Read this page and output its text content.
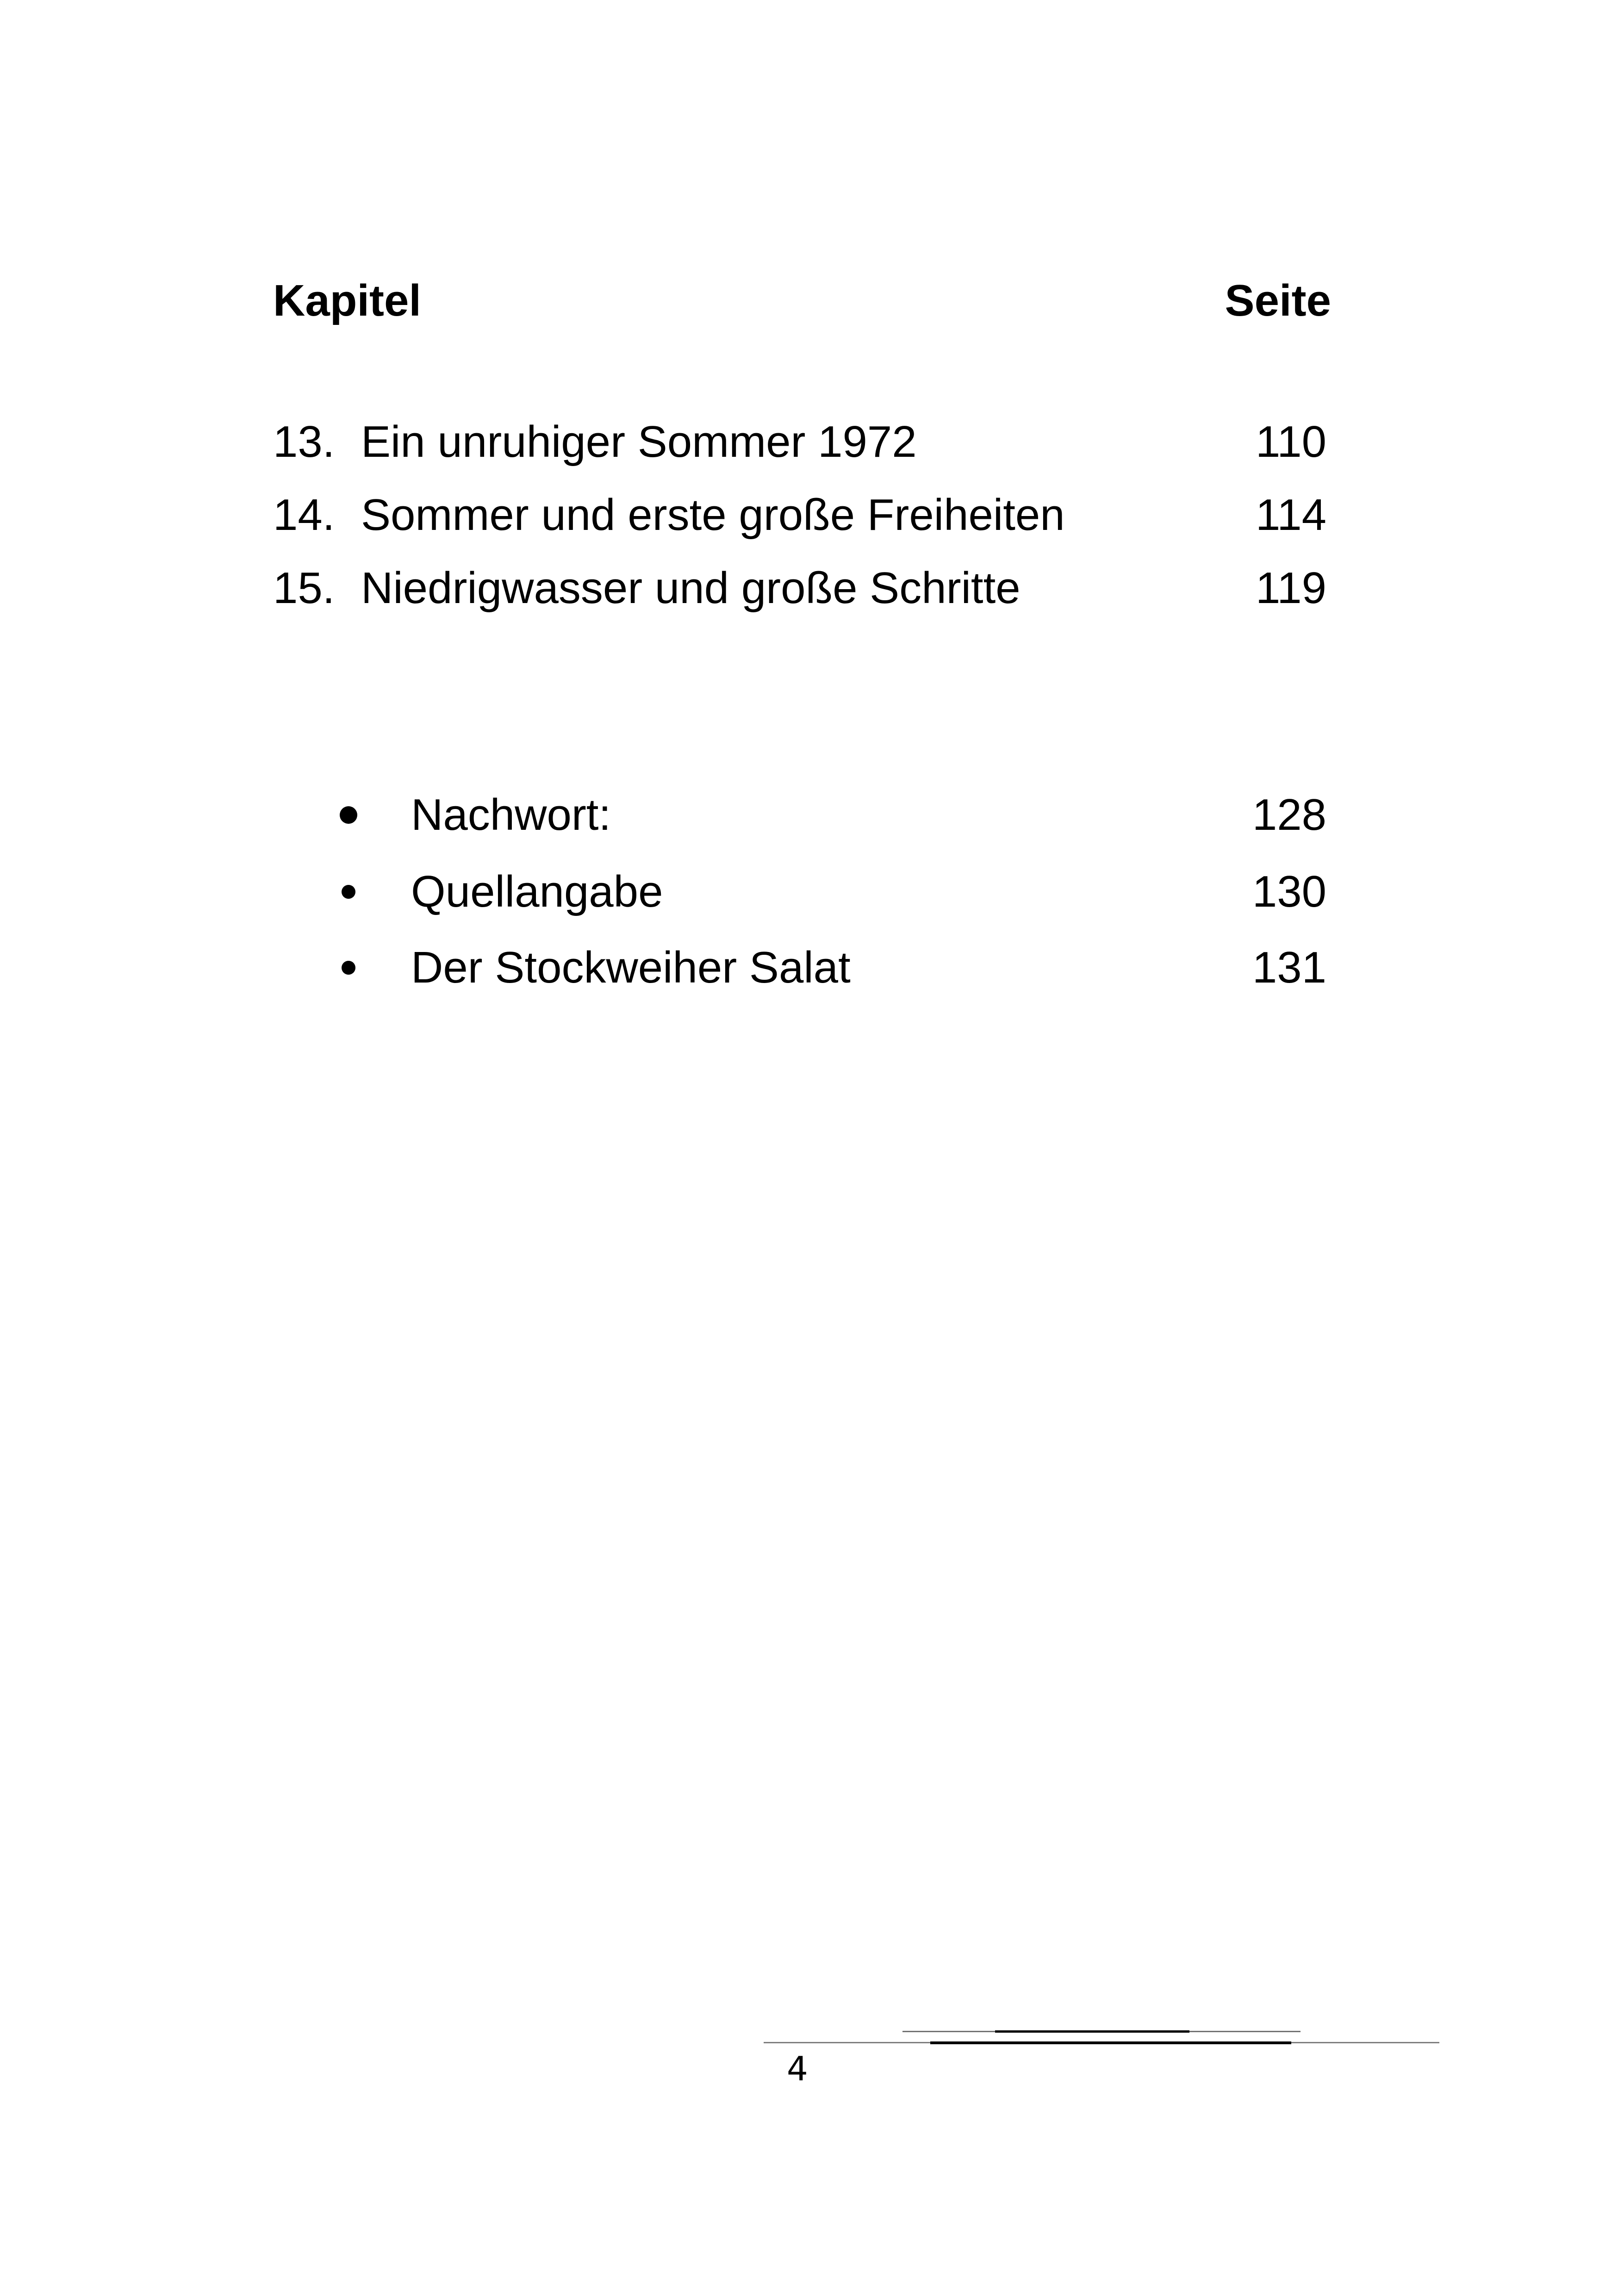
Kapitel	Seite
13. Ein unruhiger Sommer 1972	110
14. Sommer und erste große Freiheiten	114
15. Niedrigwasser und große Schritte	119
Nachwort:	128
Quellangabe	130
Der Stockweiher Salat	131
4
